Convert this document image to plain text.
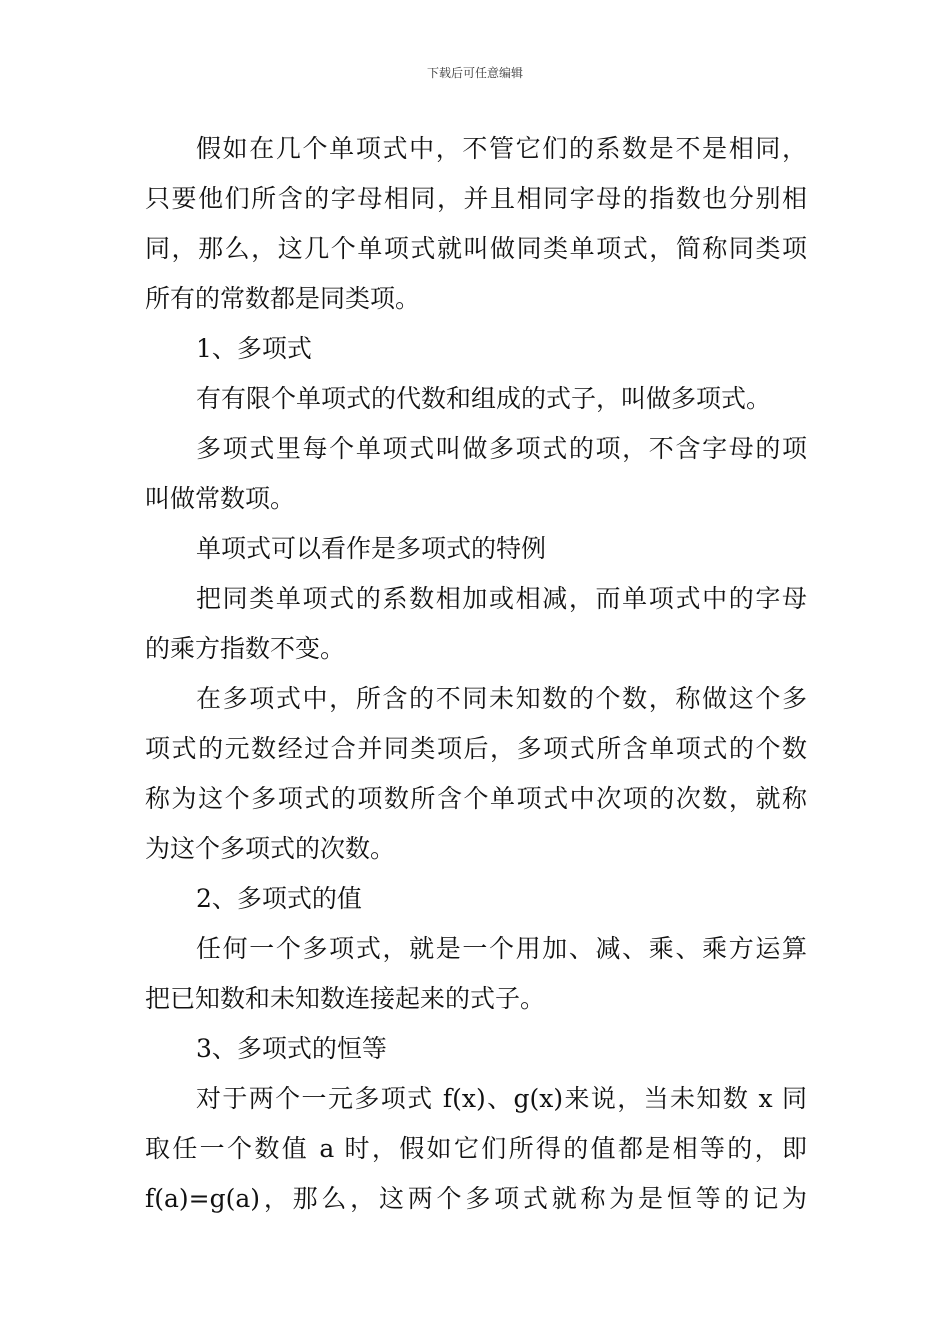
下载后可任意编辑
假如在几个单项式中，不管它们的系数是不是相同，
只要他们所含的字母相同，并且相同字母的指数也分别相
同，那么，这几个单项式就叫做同类单项式，简称同类项
所有的常数都是同类项。
1、多项式
有有限个单项式的代数和组成的式子，叫做多项式。
多项式里每个单项式叫做多项式的项，不含字母的项
叫做常数项。
单项式可以看作是多项式的特例
把同类单项式的系数相加或相减，而单项式中的字母
的乘方指数不变。
在多项式中，所含的不同未知数的个数，称做这个多
项式的元数经过合并同类项后，多项式所含单项式的个数
称为这个多项式的项数所含个单项式中次项的次数，就称
为这个多项式的次数。
2、多项式的值
任何一个多项式，就是一个用加、减、乘、乘方运算
把已知数和未知数连接起来的式子。
3、多项式的恒等
对于两个一元多项式 f(x)、g(x)来说，当未知数 x 同
取任一个数值 a 时，假如它们所得的值都是相等的，即
f(a)=g(a)，那么，这两个多项式就称为是恒等的记为
